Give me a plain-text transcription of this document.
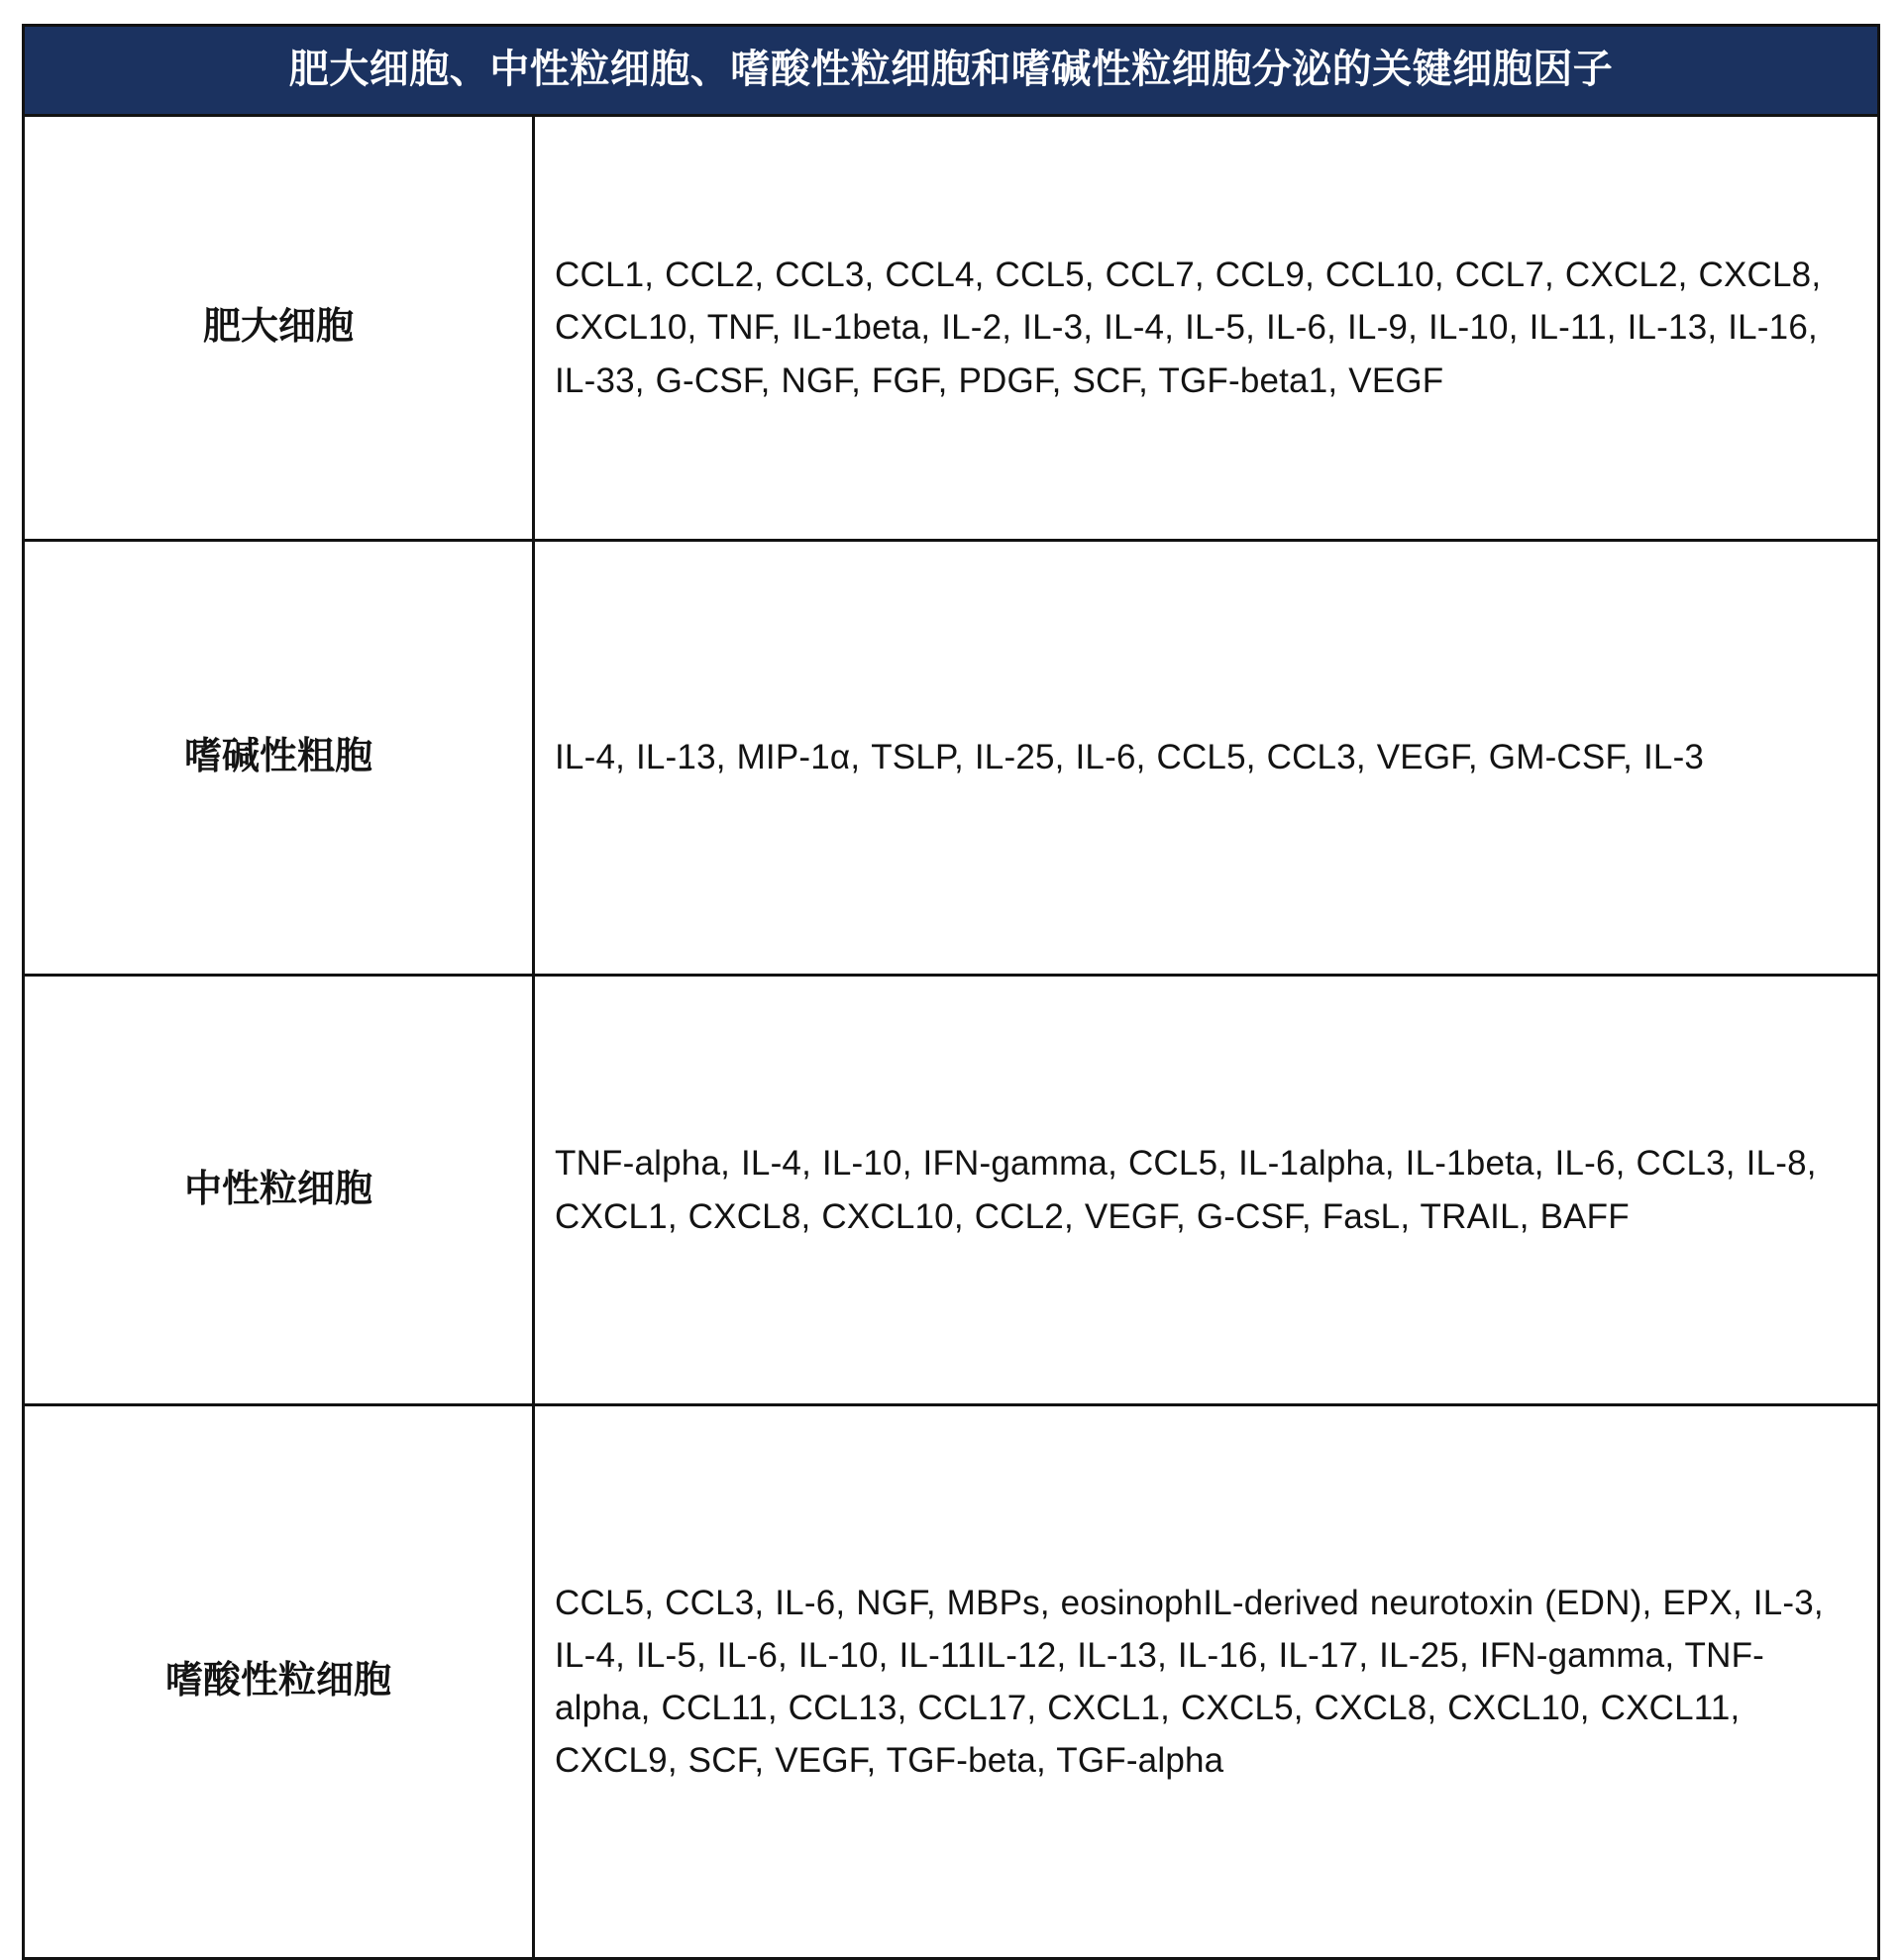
肥大细胞、中性粒细胞、嗜酸性粒细胞和嗜碱性粒细胞分泌的关键细胞因子	

肥大细胞	CCL1, CCL2, CCL3, CCL4, CCL5, CCL7, CCL9, CCL10, CCL7, CXCL2, CXCL8, CXCL10, TNF, IL-1beta, IL-2, IL-3, IL-4, IL-5, IL-6, IL-9, IL-10, IL-11, IL-13, IL-16, IL-33, G-CSF, NGF, FGF, PDGF, SCF, TGF-beta1, VEGF
嗜碱性粗胞	IL-4, IL-13, MIP-1α, TSLP, IL-25, IL-6, CCL5, CCL3, VEGF, GM-CSF, IL-3
中性粒细胞	TNF-alpha, IL-4, IL-10, IFN-gamma, CCL5, IL-1alpha, IL-1beta, IL-6, CCL3, IL-8, CXCL1, CXCL8, CXCL10, CCL2, VEGF, G-CSF, FasL, TRAIL, BAFF
嗜酸性粒细胞	CCL5, CCL3, IL-6, NGF, MBPs, eosinophIL-derived neurotoxin (EDN), EPX, IL-3, IL-4, IL-5, IL-6, IL-10, IL-11IL-12, IL-13, IL-16, IL-17, IL-25, IFN-gamma, TNF-alpha, CCL11, CCL13, CCL17, CXCL1, CXCL5, CXCL8, CXCL10, CXCL11, CXCL9, SCF, VEGF, TGF-beta, TGF-alpha
